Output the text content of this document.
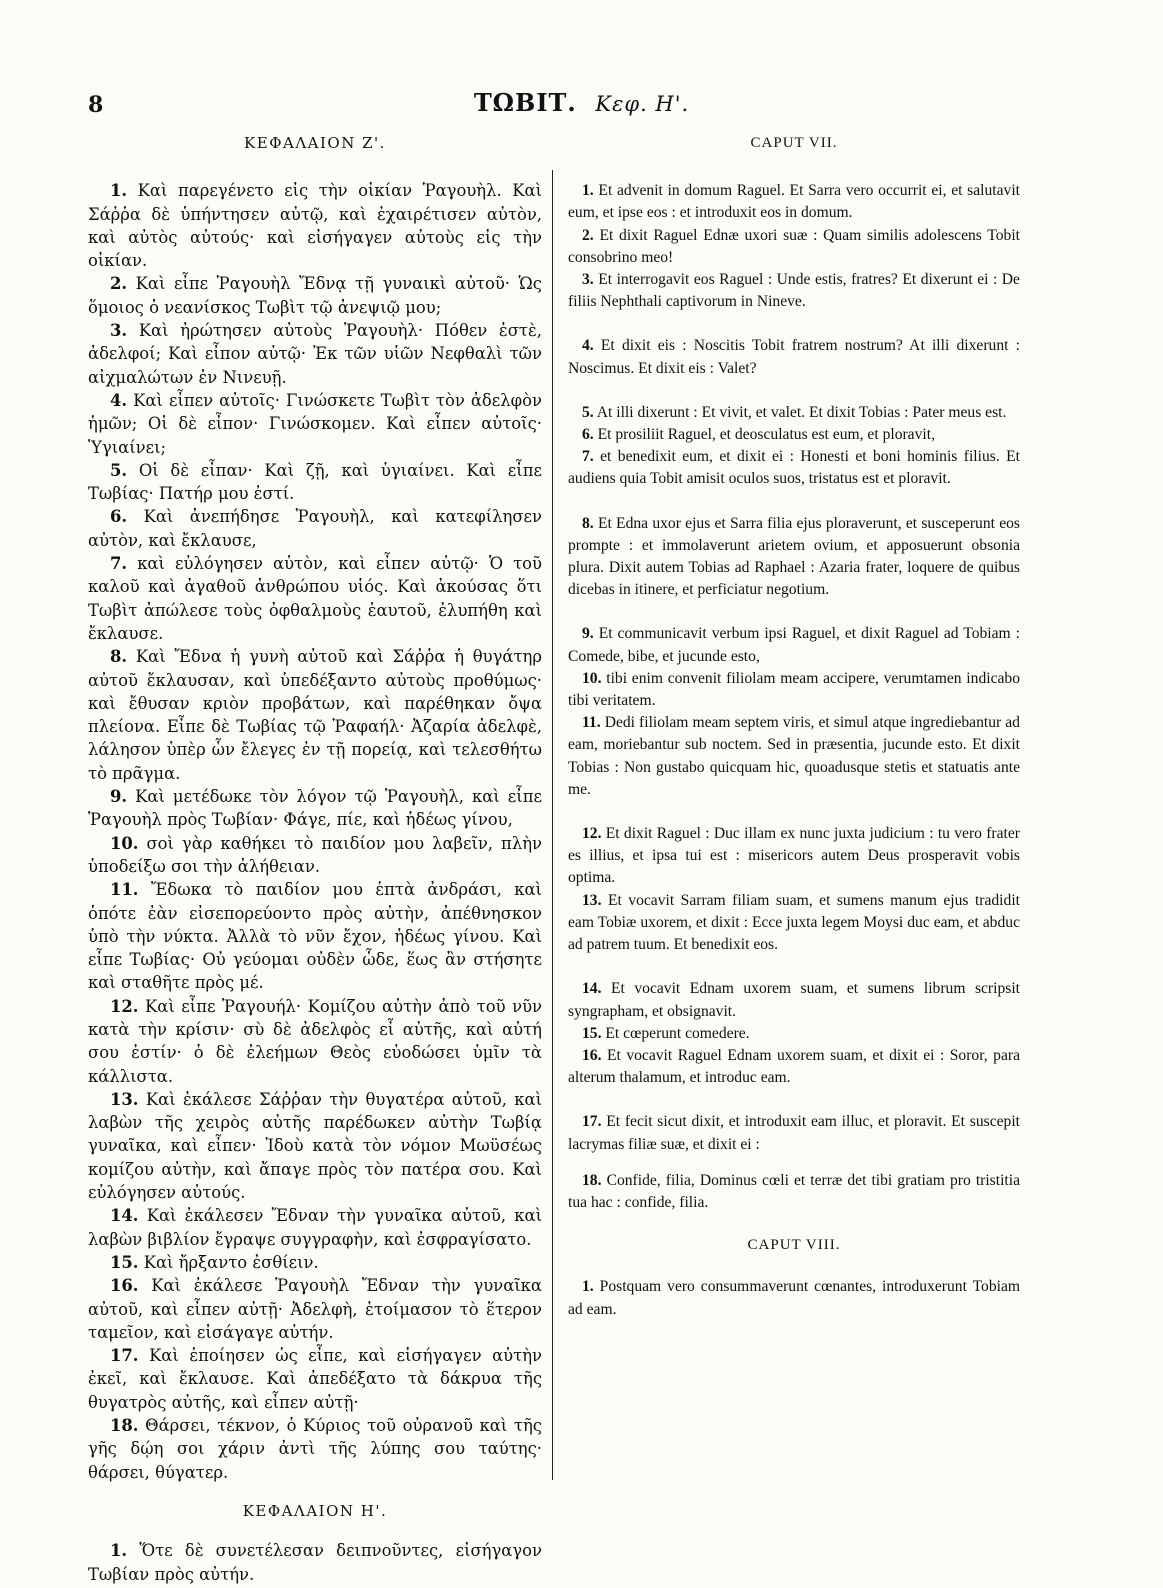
8	ΤΩΒΙΤ. Κεφ. Η'.
ΚΕΦΑΛΑΙΟΝ Ζ'.

1. Καὶ παρεγένετο εἰς τὴν οἰκίαν Ῥαγουὴλ. Καὶ Σάῤῥα δὲ ὑπήντησεν αὐτῷ, καὶ ἐχαιρέτισεν αὐτὸν, καὶ αὐτὸς αὐτούς· καὶ εἰσήγαγεν αὐτοὺς εἰς τὴν οἰκίαν.

2. Καὶ εἶπε Ῥαγουὴλ Ἔδνᾳ τῇ γυναικὶ αὐτοῦ· Ὡς ὅμοιος ὁ νεανίσκος Τωβὶτ τῷ ἀνεψιῷ μου;

3. Καὶ ἠρώτησεν αὐτοὺς Ῥαγουὴλ· Πόθεν ἐστὲ, ἀδελφοί; Καὶ εἶπον αὐτῷ· Ἐκ τῶν υἱῶν Νεφθαλὶ τῶν αἰχμαλώτων ἐν Νινευῇ.

4. Καὶ εἶπεν αὐτοῖς· Γινώσκετε Τωβὶτ τὸν ἀδελφὸν ἡμῶν; Οἱ δὲ εἶπον· Γινώσκομεν. Καὶ εἶπεν αὐτοῖς· Ὑγιαίνει;

5. Οἱ δὲ εἶπαν· Καὶ ζῇ, καὶ ὑγιαίνει. Καὶ εἶπε Τωβίας· Πατήρ μου ἐστί.

6. Καὶ ἀνεπήδησε Ῥαγουὴλ, καὶ κατεφίλησεν αὐτὸν, καὶ ἔκλαυσε,

7. καὶ εὐλόγησεν αὐτὸν, καὶ εἶπεν αὐτῷ· Ὁ τοῦ καλοῦ καὶ ἀγαθοῦ ἀνθρώπου υἱός. Καὶ ἀκούσας ὅτι Τωβὶτ ἀπώλεσε τοὺς ὀφθαλμοὺς ἑαυτοῦ, ἐλυπήθη καὶ ἔκλαυσε.

8. Καὶ Ἔδνα ἡ γυνὴ αὐτοῦ καὶ Σάῤῥα ἡ θυγάτηρ αὐτοῦ ἔκλαυσαν, καὶ ὑπεδέξαντο αὐτοὺς προθύμως· καὶ ἔθυσαν κριὸν προβάτων, καὶ παρέθηκαν ὄψα πλείονα. Εἶπε δὲ Τωβίας τῷ Ῥαφαήλ· Ἀζαρία ἀδελφὲ, λάλησον ὑπὲρ ὧν ἔλεγες ἐν τῇ πορείᾳ, καὶ τελεσθήτω τὸ πρᾶγμα.

9. Καὶ μετέδωκε τὸν λόγον τῷ Ῥαγουὴλ, καὶ εἶπε Ῥαγουὴλ πρὸς Τωβίαν· Φάγε, πίε, καὶ ἡδέως γίνου,

10. σοὶ γὰρ καθήκει τὸ παιδίον μου λαβεῖν, πλὴν ὑποδείξω σοι τὴν ἀλήθειαν.

11. Ἔδωκα τὸ παιδίον μου ἑπτὰ ἀνδράσι, καὶ ὁπότε ἐὰν εἰσεπορεύοντο πρὸς αὐτὴν, ἀπέθνησκον ὑπὸ τὴν νύκτα. Ἀλλὰ τὸ νῦν ἔχον, ἡδέως γίνου. Καὶ εἶπε Τωβίας· Οὐ γεύομαι οὐδὲν ὧδε, ἕως ἂν στήσητε καὶ σταθῆτε πρὸς μέ.

12. Καὶ εἶπε Ῥαγουήλ· Κομίζου αὐτὴν ἀπὸ τοῦ νῦν κατὰ τὴν κρίσιν· σὺ δὲ ἀδελφὸς εἶ αὐτῆς, καὶ αὐτή σου ἐστίν· ὁ δὲ ἐλεήμων Θεὸς εὐοδώσει ὑμῖν τὰ κάλλιστα.

13. Καὶ ἐκάλεσε Σάῤῥαν τὴν θυγατέρα αὐτοῦ, καὶ λαβὼν τῆς χειρὸς αὐτῆς παρέδωκεν αὐτὴν Τωβίᾳ γυναῖκα, καὶ εἶπεν· Ἰδοὺ κατὰ τὸν νόμον Μωϋσέως κομίζου αὐτὴν, καὶ ἄπαγε πρὸς τὸν πατέρα σου. Καὶ εὐλόγησεν αὐτούς.

14. Καὶ ἐκάλεσεν Ἔδναν τὴν γυναῖκα αὐτοῦ, καὶ λαβὼν βιβλίον ἔγραψε συγγραφὴν, καὶ ἐσφραγίσατο.

15. Καὶ ἤρξαντο ἐσθίειν.

16. Καὶ ἐκάλεσε Ῥαγουὴλ Ἔδναν τὴν γυναῖκα αὐτοῦ, καὶ εἶπεν αὐτῇ· Ἀδελφὴ, ἑτοίμασον τὸ ἕτερον ταμεῖον, καὶ εἰσάγαγε αὐτήν.

17. Καὶ ἐποίησεν ὡς εἶπε, καὶ εἰσήγαγεν αὐτὴν ἐκεῖ, καὶ ἔκλαυσε. Καὶ ἀπεδέξατο τὰ δάκρυα τῆς θυγατρὸς αὐτῆς, καὶ εἶπεν αὐτῇ·

18. Θάρσει, τέκνον, ὁ Κύριος τοῦ οὐρανοῦ καὶ τῆς γῆς δῴη σοι χάριν ἀντὶ τῆς λύπης σου ταύτης· θάρσει, θύγατερ.

ΚΕΦΑΛΑΙΟΝ Η'.

1. Ὅτε δὲ συνετέλεσαν δειπνοῦντες, εἰσήγαγον Τωβίαν πρὸς αὐτήν.

CAPUT VII.

1. Et advenit in domum Raguel. Et Sarra vero occurrit ei, et salutavit eum, et ipse eos : et introduxit eos in domum.

2. Et dixit Raguel Ednæ uxori suæ : Quam similis adolescens Tobit consobrino meo!

3. Et interrogavit eos Raguel : Unde estis, fratres? Et dixerunt ei : De filiis Nephthali captivorum in Nineve.

4. Et dixit eis : Noscitis Tobit fratrem nostrum? At illi dixerunt : Noscimus. Et dixit eis : Valet?

5. At illi dixerunt : Et vivit, et valet. Et dixit Tobias : Pater meus est.

6. Et prosiliit Raguel, et deosculatus est eum, et ploravit,

7. et benedixit eum, et dixit ei : Honesti et boni hominis filius. Et audiens quia Tobit amisit oculos suos, tristatus est et ploravit.

8. Et Edna uxor ejus et Sarra filia ejus ploraverunt, et susceperunt eos prompte : et immolaverunt arietem ovium, et apposuerunt obsonia plura. Dixit autem Tobias ad Raphael : Azaria frater, loquere de quibus dicebas in itinere, et perficiatur negotium.

9. Et communicavit verbum ipsi Raguel, et dixit Raguel ad Tobiam : Comede, bibe, et jucunde esto,

10. tibi enim convenit filiolam meam accipere, verumtamen indicabo tibi veritatem.

11. Dedi filiolam meam septem viris, et simul atque ingrediebantur ad eam, moriebantur sub noctem. Sed in præsentia, jucunde esto. Et dixit Tobias : Non gustabo quicquam hic, quoadusque stetis et statuatis ante me.

12. Et dixit Raguel : Duc illam ex nunc juxta judicium : tu vero frater es illius, et ipsa tui est : misericors autem Deus prosperavit vobis optima.

13. Et vocavit Sarram filiam suam, et sumens manum ejus tradidit eam Tobiæ uxorem, et dixit : Ecce juxta legem Moysi duc eam, et abduc ad patrem tuum. Et benedixit eos.

14. Et vocavit Ednam uxorem suam, et sumens librum scripsit syngrapham, et obsignavit.

15. Et cœperunt comedere.

16. Et vocavit Raguel Ednam uxorem suam, et dixit ei : Soror, para alterum thalamum, et introduc eam.

17. Et fecit sicut dixit, et introduxit eam illuc, et ploravit. Et suscepit lacrymas filiæ suæ, et dixit ei :

18. Confide, filia, Dominus cœli et terræ det tibi gratiam pro tristitia tua hac : confide, filia.

CAPUT VIII.

1. Postquam vero consummaverunt cœnantes, introduxerunt Tobiam ad eam.
